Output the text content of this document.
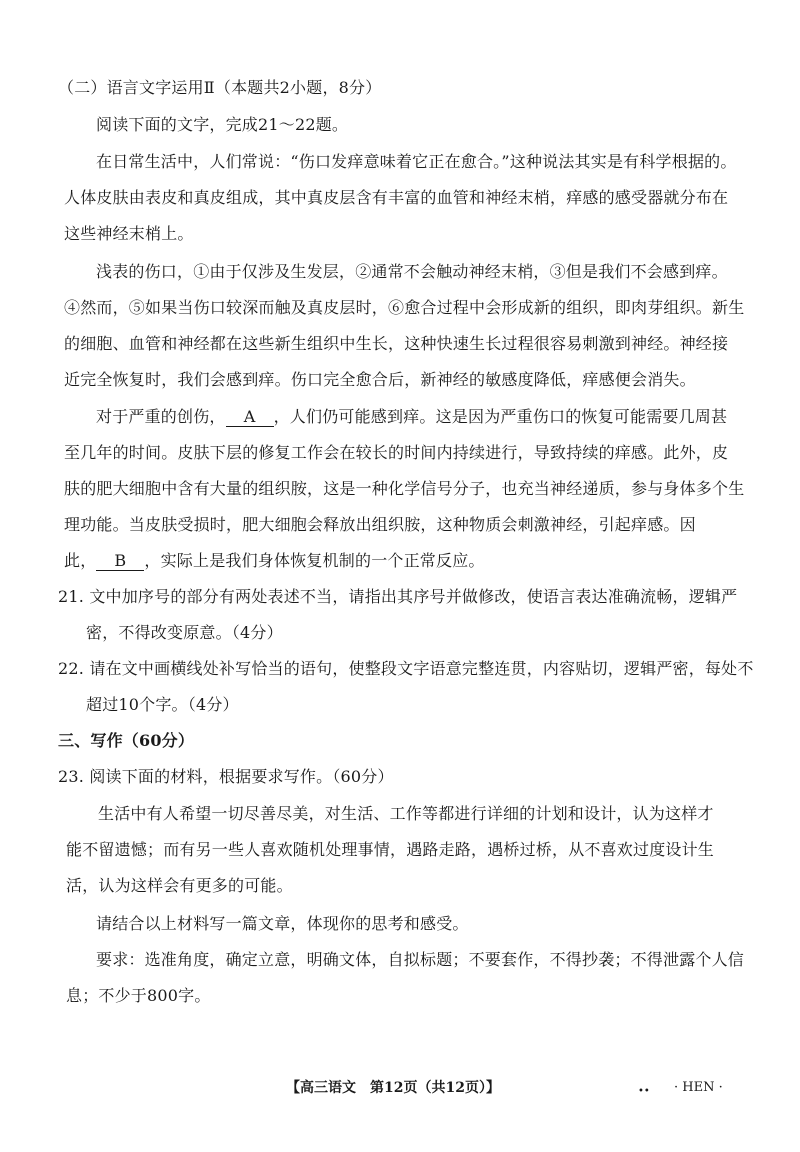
（二）语言文字运用Ⅱ（本题共2小题，8分）
阅读下面的文字，完成21～22题。
在日常生活中，人们常说：“伤口发痒意味着它正在愈合。”这种说法其实是有科学根据的。
人体皮肤由表皮和真皮组成，其中真皮层含有丰富的血管和神经末梢，痒感的感受器就分布在
这些神经末梢上。
浅表的伤口，①由于仅涉及生发层，②通常不会触动神经末梢，③但是我们不会感到痒。
④然而，⑤如果当伤口较深而触及真皮层时，⑥愈合过程中会形成新的组织，即肉芽组织。新生
的细胞、血管和神经都在这些新生组织中生长，这种快速生长过程很容易刺激到神经。神经接
近完全恢复时，我们会感到痒。伤口完全愈合后，新神经的敏感度降低，痒感便会消失。
对于严重的创伤， A ，人们仍可能感到痒。这是因为严重伤口的恢复可能需要几周甚
至几年的时间。皮肤下层的修复工作会在较长的时间内持续进行，导致持续的痒感。此外，皮
肤的肥大细胞中含有大量的组织胺，这是一种化学信号分子，也充当神经递质，参与身体多个生
理功能。当皮肤受损时，肥大细胞会释放出组织胺，这种物质会刺激神经，引起痒感。因
此， B ，实际上是我们身体恢复机制的一个正常反应。
21. 文中加序号的部分有两处表述不当，请指出其序号并做修改，使语言表达准确流畅，逻辑严
密，不得改变原意。（4分）
22. 请在文中画横线处补写恰当的语句，使整段文字语意完整连贯，内容贴切，逻辑严密，每处不
超过10个字。（4分）
三、写作（60分）
23. 阅读下面的材料，根据要求写作。（60分）
生活中有人希望一切尽善尽美，对生活、工作等都进行详细的计划和设计，认为这样才
能不留遗憾；而有另一些人喜欢随机处理事情，遇路走路，遇桥过桥，从不喜欢过度设计生
活，认为这样会有更多的可能。
请结合以上材料写一篇文章，体现你的思考和感受。
要求：选准角度，确定立意，明确文体，自拟标题；不要套作，不得抄袭；不得泄露个人信
息；不少于800字。
【高三语文　第12页（共12页）】	•• · HEN ·
